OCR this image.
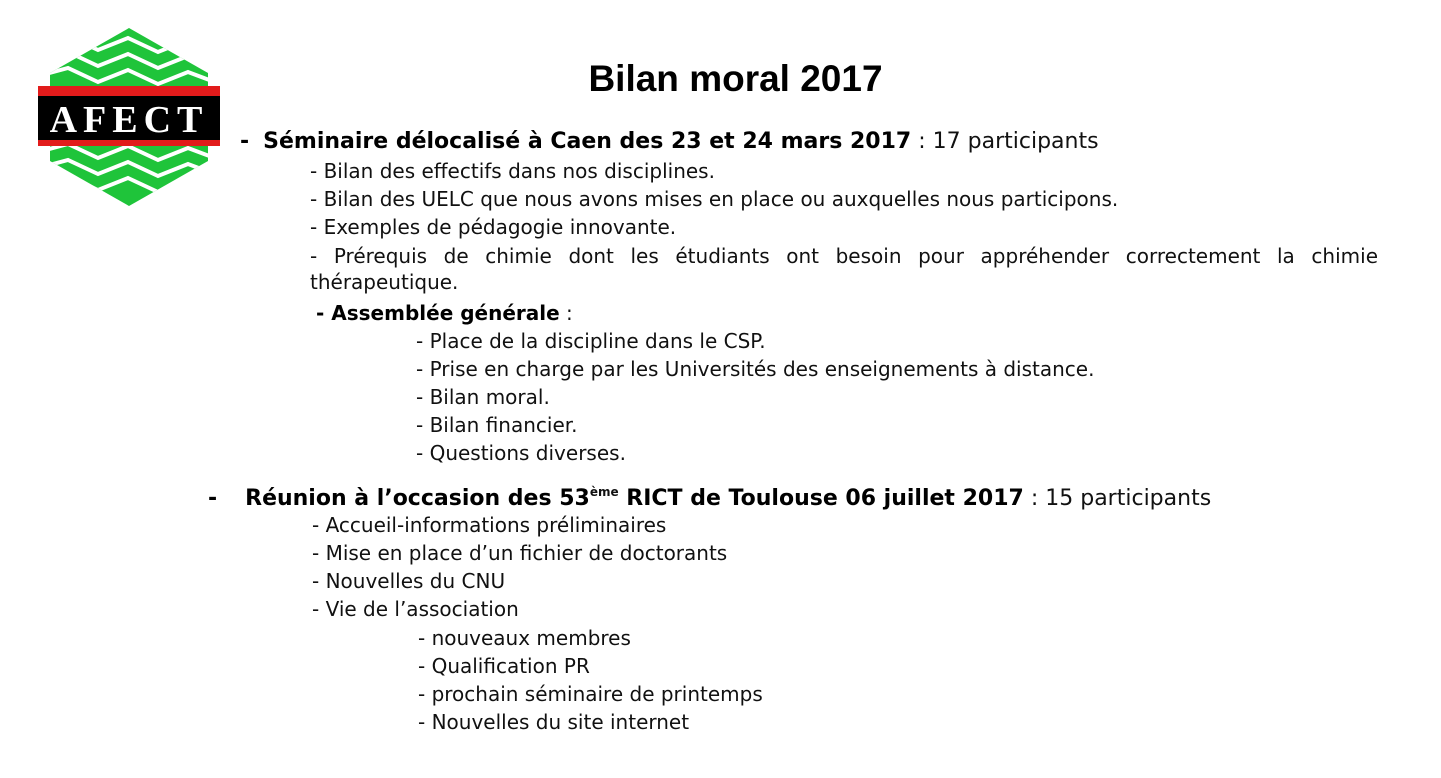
AFECT
Bilan moral 2017
- Séminaire délocalisé à Caen des 23 et 24 mars 2017 : 17 participants
- Bilan des effectifs dans nos disciplines.
- Bilan des UELC que nous avons mises en place ou auxquelles nous participons.
- Exemples de pédagogie innovante.
- Prérequis de chimie dont les étudiants ont besoin pour appréhender correctement la chimie thérapeutique.
- Assemblée générale :
- Place de la discipline dans le CSP.
- Prise en charge par les Universités des enseignements à distance.
- Bilan moral.
- Bilan financier.
- Questions diverses.
- Réunion à l’occasion des 53ème RICT de Toulouse 06 juillet 2017 : 15 participants
- Accueil-informations préliminaires
- Mise en place d’un fichier de doctorants
- Nouvelles du CNU
- Vie de l’association
- nouveaux membres
- Qualification PR
- prochain séminaire de printemps
- Nouvelles du site internet
